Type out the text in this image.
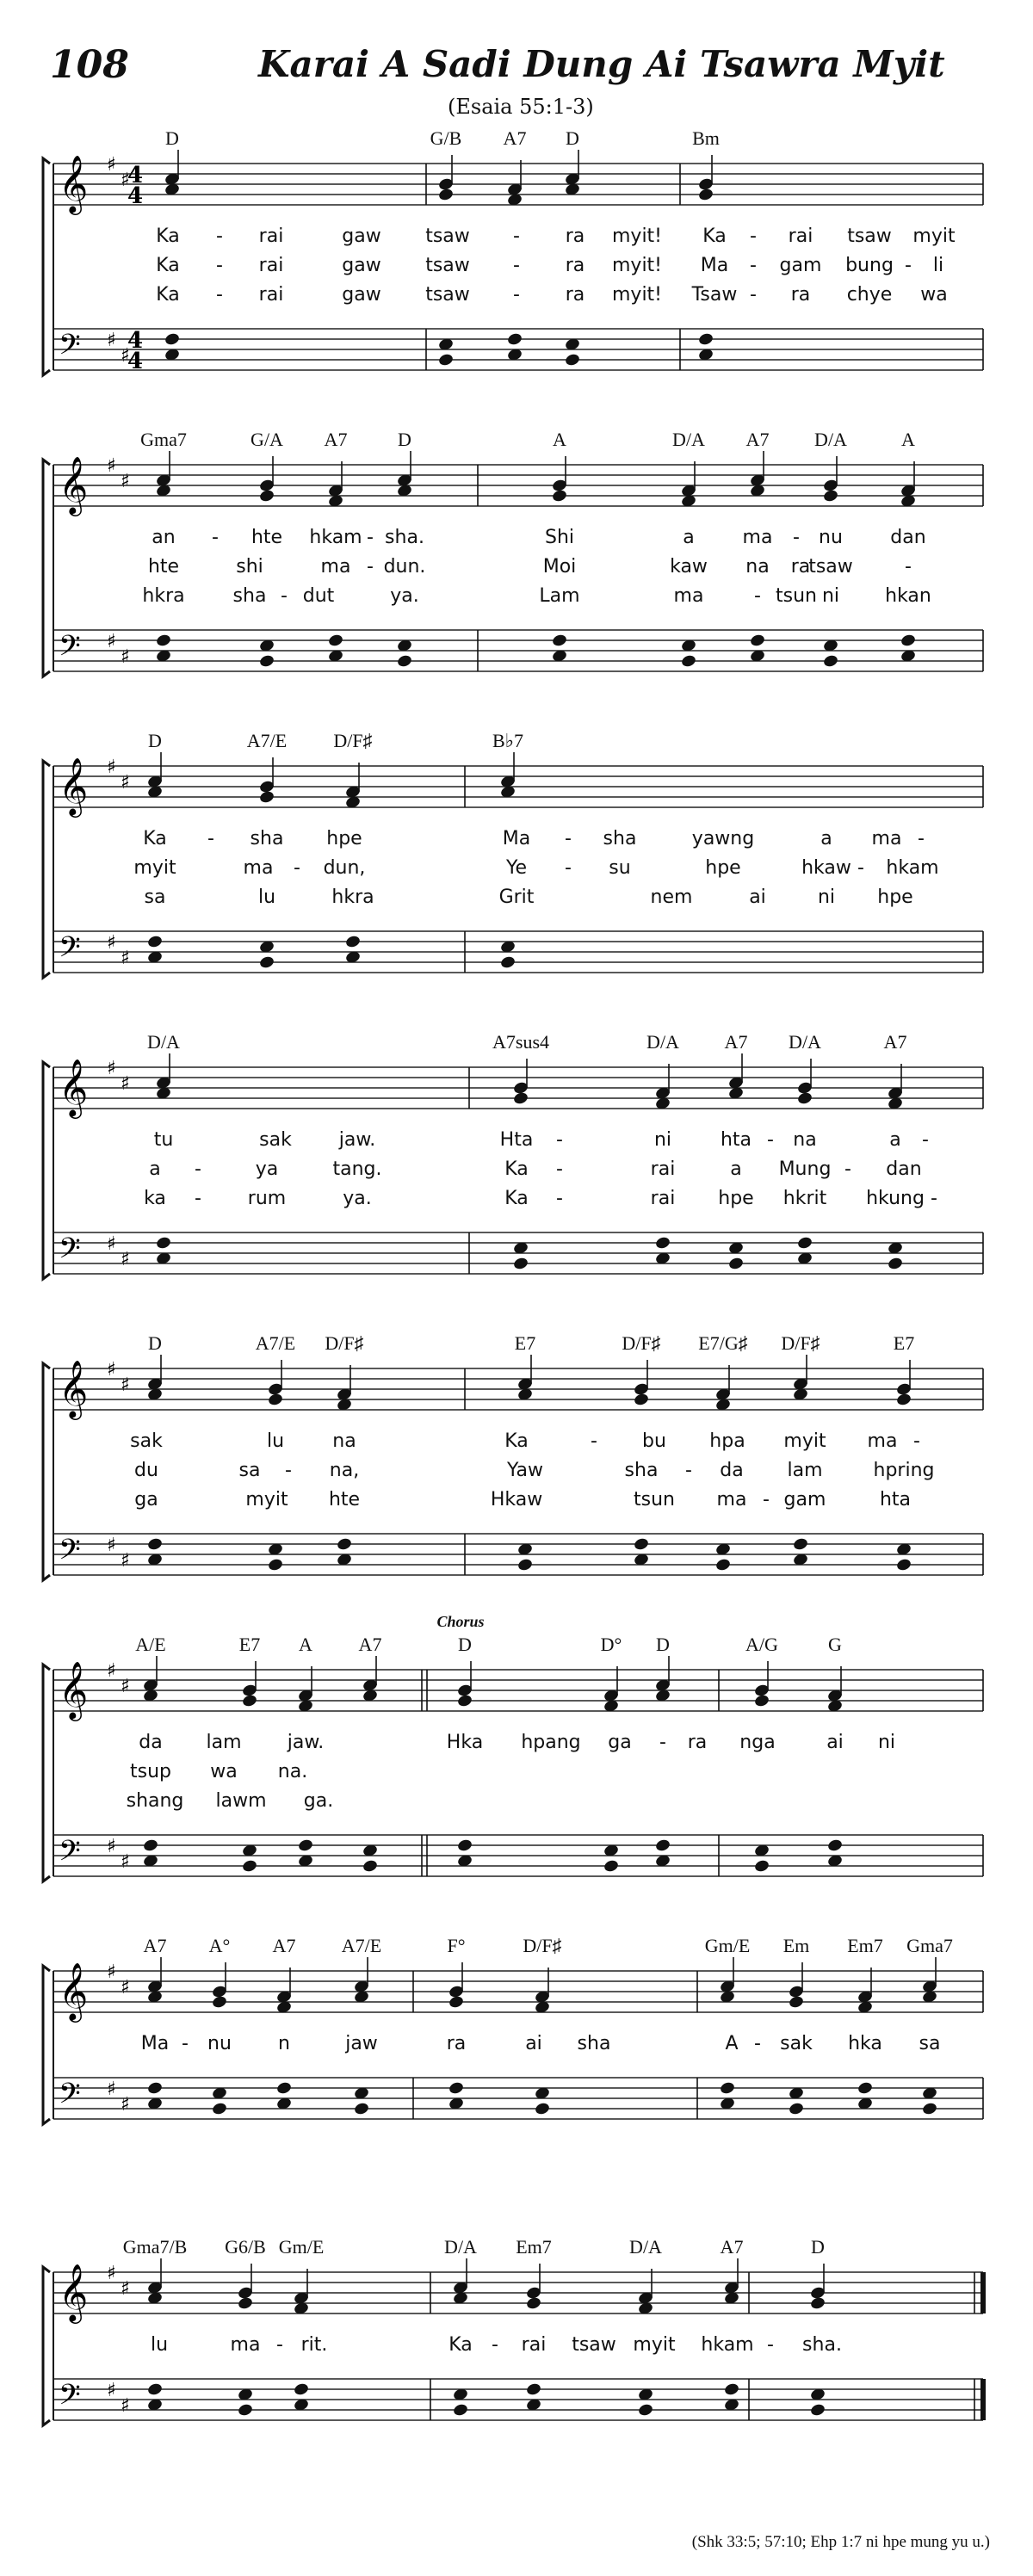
108	Karai A Sadi Dung Ai Tsawra Myit
(Esaia 55:1-3)
𝄞 ♯
♯
𝄢 ♯
♯
4
4
4
4
D	G/B A7 D	Bm
Ka - rai	gaw tsaw - ra myit! Ka - rai tsaw myit
Ka - rai	gaw tsaw - ra myit! Ma - gam bung - li
Ka - rai	gaw tsaw - ra myit! Tsaw - ra chye wa
𝄞 ♯
♯
𝄢 ♯
♯
Gma7	G/A A7	D	A	D/A A7 D/A	A
an - hte hkam - sha.	Shi	a	ma - nu	dan
hte	shi	ma - dun.	Moi	kaw na tsaw	-
ra
hkra	sha - dut	ya.	Lam	ma	- tsun ni hkan
𝄞 ♯
♯
𝄢 ♯
♯
D	A7/E D/F♯	B♭7
Ka - sha hpe	Ma - sha	yawng	a ma -
myit	ma - dun,	Ye - su	hpe	hkaw - hkam
sa	lu	hkra	Grit	nem	ai	ni hpe
𝄞 ♯
♯
𝄢 ♯
♯
D/A	A7sus4	D/A A7 D/A	A7
tu	sak jaw.	Hta -	ni	hta - na	a -
a -	ya	tang.	Ka -	rai	a Mung - dan
ka - rum	ya.	Ka -	rai hpe hkrit hkung -
𝄞 ♯
♯
𝄢 ♯
♯
D	A7/E D/F♯	E7	D/F♯ E7/G♯ D/F♯	E7
sak	lu	na	Ka	- bu hpa myit ma -
du	sa - na,	Yaw	sha - da lam	hpring
ga	myit hte	Hkaw	tsun ma - gam	hta
𝄞 ♯
♯
𝄢 ♯
♯
A/E	E7 A A7	D	D° D	A/G	G
Chorus
da lam jaw.	Hka hpang ga - ra nga	ai ni
tsup wa na.
shang lawm ga.
𝄞 ♯
♯
𝄢 ♯
♯
A7 A° A7 A7/E	F°	D/F♯	Gm/E Em Em7 Gma7
Ma - nu n	jaw	ra	ai sha	A - sak hka sa
𝄞 ♯
♯
𝄢 ♯
♯
Gma7/B G6/B Gm/E	D/A Em7	D/A	A7	D
lu	ma - rit.	Ka - rai tsaw myit hkam - sha.
(Shk 33:5; 57:10; Ehp 1:7 ni hpe mung yu u.)
